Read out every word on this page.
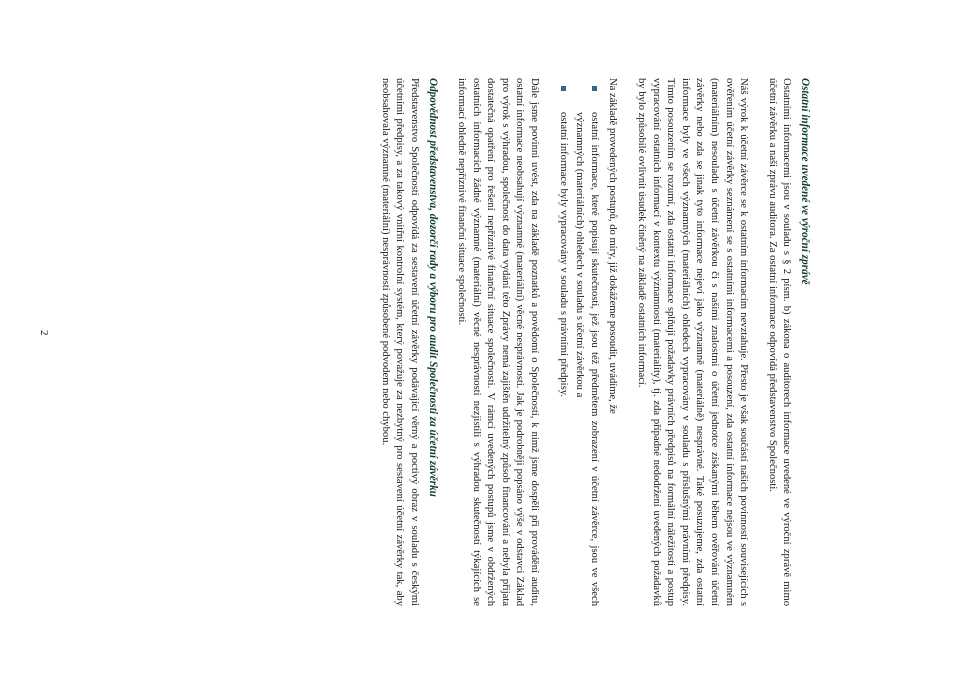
Ostatní informace uvedené ve výroční zprávě

Ostatními informacemi jsou v souladu s § 2 písm. b) zákona o auditorech informace uvedené ve výroční zprávě mimo účetní závěrku a naši zprávu auditora. Za ostatní informace odpovídá představenstvo Společnosti.

Náš výrok k účetní závěrce se k ostatním informacím nevztahuje. Přesto je však součástí našich povinností souvisejících s ověřením účetní závěrky seznámení se s ostatními informacemi a posouzení, zda ostatní informace nejsou ve významném (materiálním) nesouladu s účetní závěrkou či s našimi znalostmi o účetní jednotce získanými během ověřování účetní závěrky nebo zda se jinak tyto informace nejeví jako významně (materiálně) nesprávné. Také posuzujeme, zda ostatní informace byly ve všech významných (materiálních) ohledech vypracovány v souladu s příslušnými právními předpisy. Tímto posouzením se rozumí, zda ostatní informace splňují požadavky právních předpisů na formální náležitosti a postup vypracování ostatních informací v kontextu významnosti (materiality), tj. zda případné nedodržení uvedených požadavků by bylo způsobilé ovlivnit úsudek činěný na základě ostatních informací.

Na základě provedených postupů, do míry, již dokážeme posoudit, uvádíme, že

ostatní informace, které popisují skutečnosti, jež jsou též předmětem zobrazení v účetní závěrce, jsou ve všech významných (materiálních) ohledech v souladu s účetní závěrkou a
ostatní informace byly vypracovány v souladu s právními předpisy.

Dále jsme povinni uvést, zda na základě poznatků a povědomí o Společnosti, k nimž jsme dospěli při provádění auditu, ostatní informace neobsahují významné (materiální) věcné nesprávnosti. Jak je podrobněji popsáno výše v odstavci Základ pro výrok s výhradou, společnost do data vydání této Zprávy nemá zajištěn udržitelný způsob financování a nebyla přijata dostatečná opatření pro řešení nepříznivé finanční situace společnosti. V rámci uvedených postupů jsme v obdržených ostatních informacích žádné významné (materiální) věcné nesprávnosti nezjistili s výhradou skutečností týkajících se informací ohledně nepříznivé finanční situace společnosti.

Odpovědnost představenstva, dozorčí rady a výboru pro audit Společnosti za účetní závěrku

Představenstvo Společnosti odpovídá za sestavení účetní závěrky podávající věrný a poctivý obraz v souladu s českými účetními předpisy, a za takový vnitřní kontrolní systém, který považuje za nezbytný pro sestavení účetní závěrky tak, aby neobsahovala významné (materiální) nesprávnosti způsobené podvodem nebo chybou.

2
